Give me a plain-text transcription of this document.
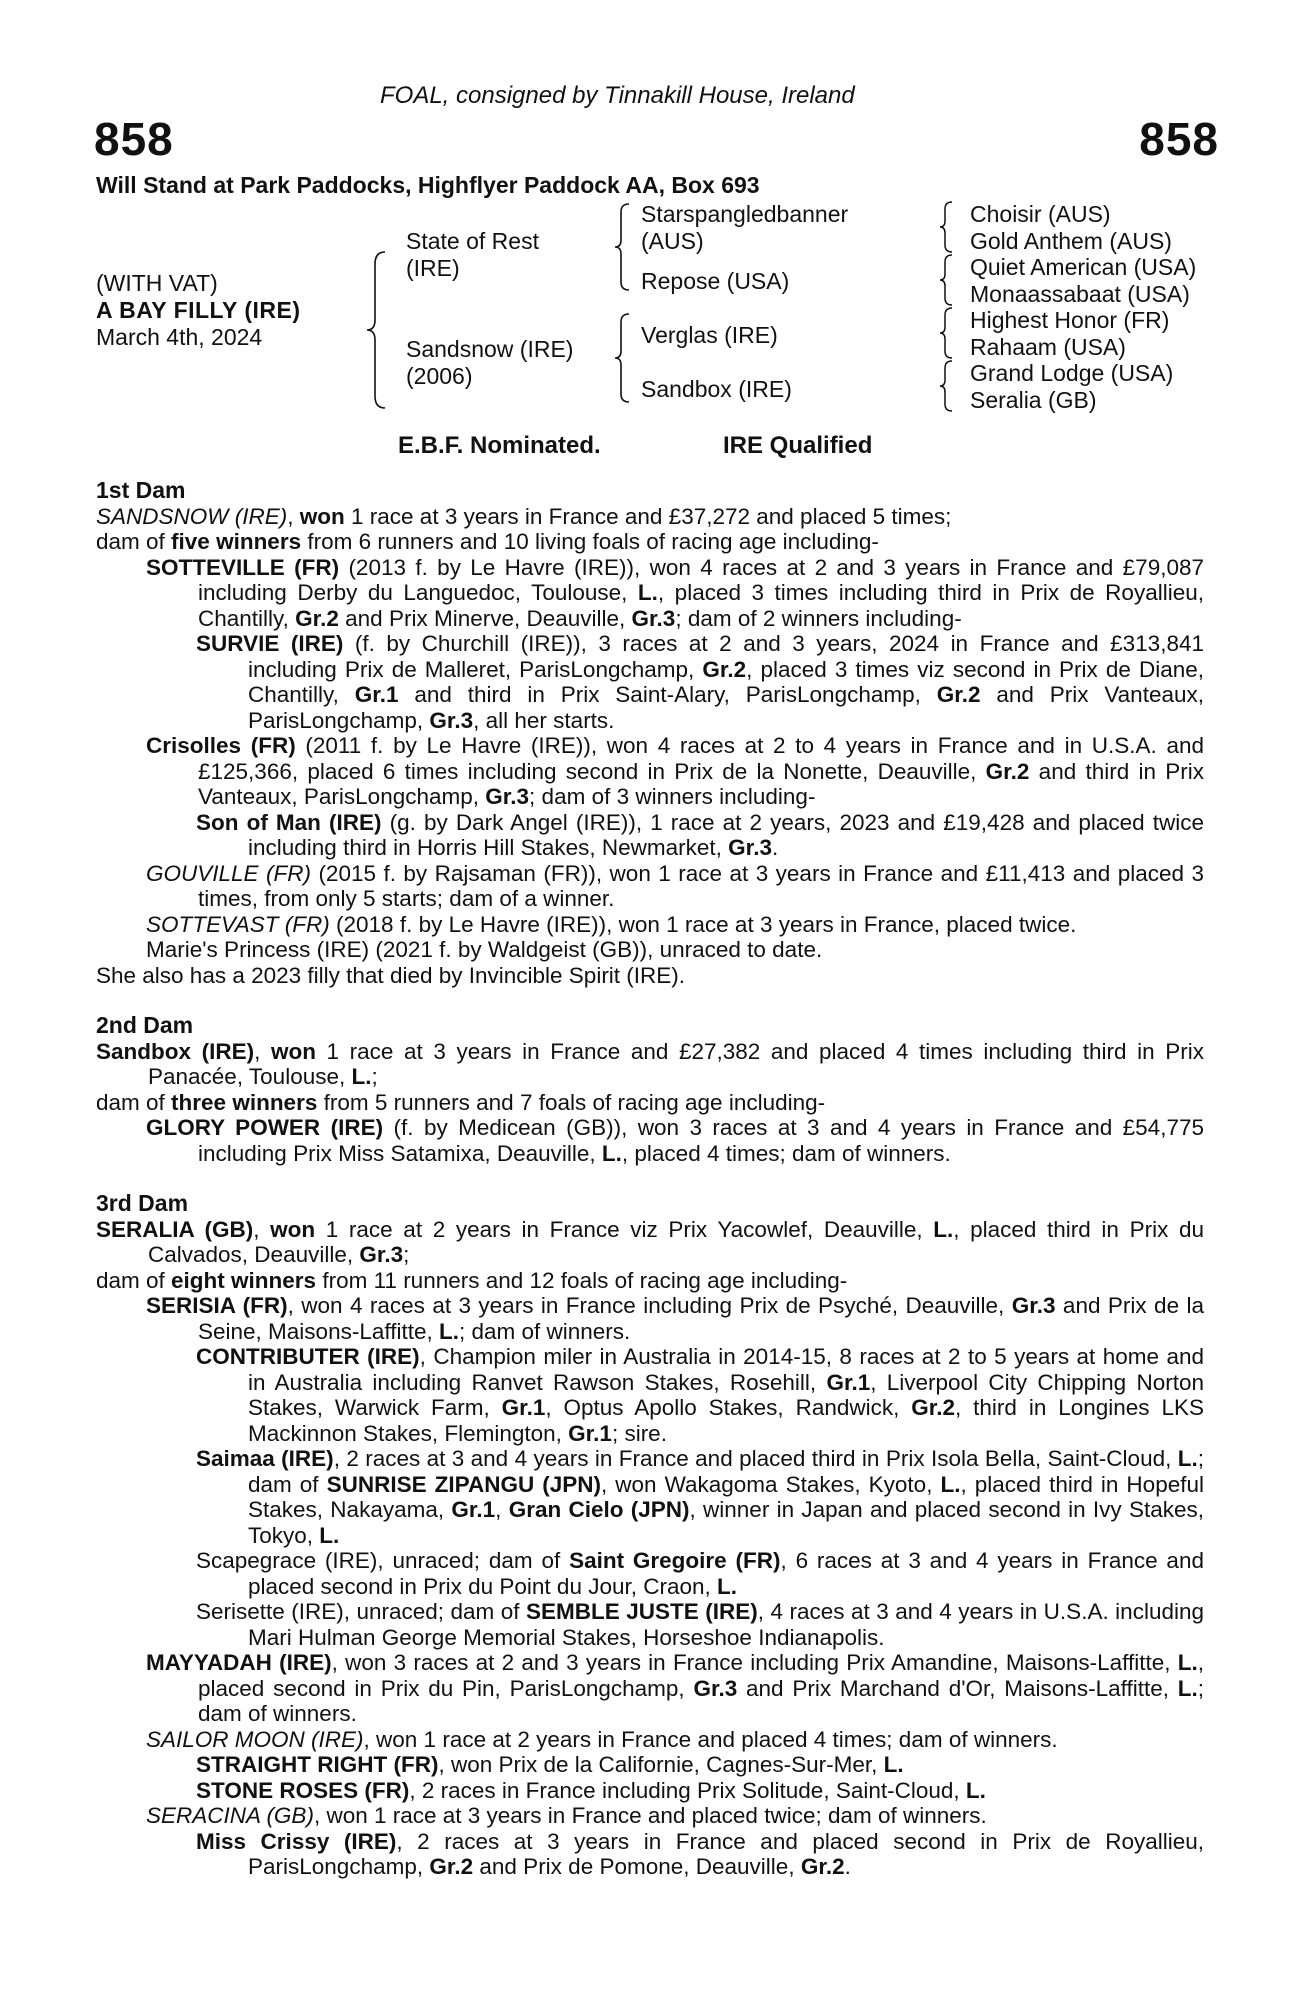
FOAL, consigned by Tinnakill House, Ireland
858	858
Will Stand at Park Paddocks, Highflyer Paddock AA, Box 693
(WITH VAT)
A BAY FILLY (IRE)
March 4th, 2024
State of Rest
(IRE)
Sandsnow (IRE)
(2006)
Starspangledbanner
(AUS)
Repose (USA)
Verglas (IRE)
Sandbox (IRE)
Choisir (AUS)
Gold Anthem (AUS)
Quiet American (USA)
Monaassabaat (USA)
Highest Honor (FR)
Rahaam (USA)
Grand Lodge (USA)
Seralia (GB)
E.B.F. Nominated.	IRE Qualified
1st Dam
SANDSNOW (IRE), won 1 race at 3 years in France and £37,272 and placed 5 times;
dam of five winners from 6 runners and 10 living foals of racing age including-
SOTTEVILLE (FR) (2013 f. by Le Havre (IRE)), won 4 races at 2 and 3 years in France and £79,087 including Derby du Languedoc, Toulouse, L., placed 3 times including third in Prix de Royallieu, Chantilly, Gr.2 and Prix Minerve, Deauville, Gr.3; dam of 2 winners including-
SURVIE (IRE) (f. by Churchill (IRE)), 3 races at 2 and 3 years, 2024 in France and £313,841 including Prix de Malleret, ParisLongchamp, Gr.2, placed 3 times viz second in Prix de Diane, Chantilly, Gr.1 and third in Prix Saint-Alary, ParisLongchamp, Gr.2 and Prix Vanteaux, ParisLongchamp, Gr.3, all her starts.
Crisolles (FR) (2011 f. by Le Havre (IRE)), won 4 races at 2 to 4 years in France and in U.S.A. and £125,366, placed 6 times including second in Prix de la Nonette, Deauville, Gr.2 and third in Prix Vanteaux, ParisLongchamp, Gr.3; dam of 3 winners including-
Son of Man (IRE) (g. by Dark Angel (IRE)), 1 race at 2 years, 2023 and £19,428 and placed twice including third in Horris Hill Stakes, Newmarket, Gr.3.
GOUVILLE (FR) (2015 f. by Rajsaman (FR)), won 1 race at 3 years in France and £11,413 and placed 3 times, from only 5 starts; dam of a winner.
SOTTEVAST (FR) (2018 f. by Le Havre (IRE)), won 1 race at 3 years in France, placed twice.
Marie's Princess (IRE) (2021 f. by Waldgeist (GB)), unraced to date.
She also has a 2023 filly that died by Invincible Spirit (IRE).
2nd Dam
Sandbox (IRE), won 1 race at 3 years in France and £27,382 and placed 4 times including third in Prix Panacée, Toulouse, L.;
dam of three winners from 5 runners and 7 foals of racing age including-
GLORY POWER (IRE) (f. by Medicean (GB)), won 3 races at 3 and 4 years in France and £54,775 including Prix Miss Satamixa, Deauville, L., placed 4 times; dam of winners.
3rd Dam
SERALIA (GB), won 1 race at 2 years in France viz Prix Yacowlef, Deauville, L., placed third in Prix du Calvados, Deauville, Gr.3;
dam of eight winners from 11 runners and 12 foals of racing age including-
SERISIA (FR), won 4 races at 3 years in France including Prix de Psyché, Deauville, Gr.3 and Prix de la Seine, Maisons-Laffitte, L.; dam of winners.
CONTRIBUTER (IRE), Champion miler in Australia in 2014-15, 8 races at 2 to 5 years at home and in Australia including Ranvet Rawson Stakes, Rosehill, Gr.1, Liverpool City Chipping Norton Stakes, Warwick Farm, Gr.1, Optus Apollo Stakes, Randwick, Gr.2, third in Longines LKS Mackinnon Stakes, Flemington, Gr.1; sire.
Saimaa (IRE), 2 races at 3 and 4 years in France and placed third in Prix Isola Bella, Saint-Cloud, L.; dam of SUNRISE ZIPANGU (JPN), won Wakagoma Stakes, Kyoto, L., placed third in Hopeful Stakes, Nakayama, Gr.1, Gran Cielo (JPN), winner in Japan and placed second in Ivy Stakes, Tokyo, L.
Scapegrace (IRE), unraced; dam of Saint Gregoire (FR), 6 races at 3 and 4 years in France and placed second in Prix du Point du Jour, Craon, L.
Serisette (IRE), unraced; dam of SEMBLE JUSTE (IRE), 4 races at 3 and 4 years in U.S.A. including Mari Hulman George Memorial Stakes, Horseshoe Indianapolis.
MAYYADAH (IRE), won 3 races at 2 and 3 years in France including Prix Amandine, Maisons-Laffitte, L., placed second in Prix du Pin, ParisLongchamp, Gr.3 and Prix Marchand d'Or, Maisons-Laffitte, L.; dam of winners.
SAILOR MOON (IRE), won 1 race at 2 years in France and placed 4 times; dam of winners.
STRAIGHT RIGHT (FR), won Prix de la Californie, Cagnes-Sur-Mer, L.
STONE ROSES (FR), 2 races in France including Prix Solitude, Saint-Cloud, L.
SERACINA (GB), won 1 race at 3 years in France and placed twice; dam of winners.
Miss Crissy (IRE), 2 races at 3 years in France and placed second in Prix de Royallieu, ParisLongchamp, Gr.2 and Prix de Pomone, Deauville, Gr.2.
